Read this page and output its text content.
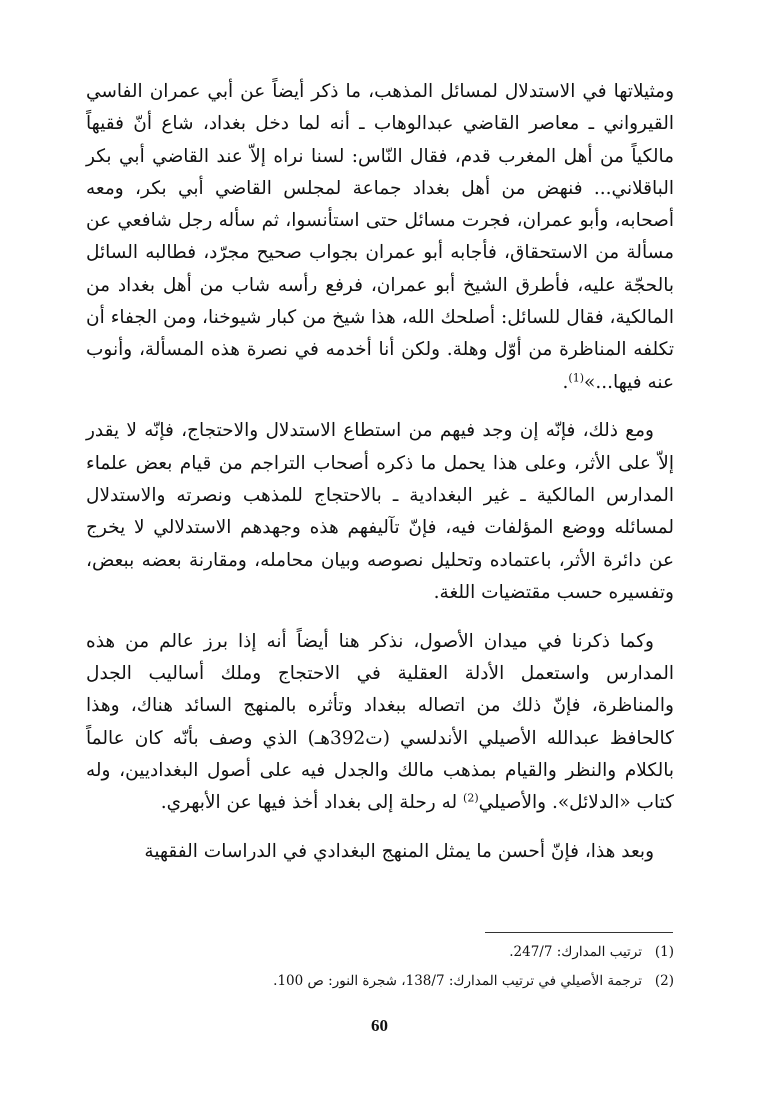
ومثيلاتها في الاستدلال لمسائل المذهب، ما ذكر أيضاً عن أبي عمران الفاسي القيرواني ـ معاصر القاضي عبدالوهاب ـ أنه لما دخل بغداد، شاع أنّ فقيهاً مالكياً من أهل المغرب قدم، فقال النّاس: لسنا نراه إلاّ عند القاضي أبي بكر الباقلاني... فنهض من أهل بغداد جماعة لمجلس القاضي أبي بكر، ومعه أصحابه، وأبو عمران، فجرت مسائل حتى استأنسوا، ثم سأله رجل شافعي عن مسألة من الاستحقاق، فأجابه أبو عمران بجواب صحيح مجرّد، فطالبه السائل بالحجّة عليه، فأطرق الشيخ أبو عمران، فرفع رأسه شاب من أهل بغداد من المالكية، فقال للسائل: أصلحك الله، هذا شيخ من كبار شيوخنا، ومن الجفاء أن تكلفه المناظرة من أوّل وهلة. ولكن أنا أخدمه في نصرة هذه المسألة، وأنوب عنه فيها...»$^{(1)}$.

ومع ذلك، فإنّه إن وجد فيهم من استطاع الاستدلال والاحتجاج، فإنّه لا يقدر إلاّ على الأثر، وعلى هذا يحمل ما ذكره أصحاب التراجم من قيام بعض علماء المدارس المالكية ـ غير البغدادية ـ بالاحتجاج للمذهب ونصرته والاستدلال لمسائله ووضع المؤلفات فيه، فإنّ تآليفهم هذه وجهدهم الاستدلالي لا يخرج عن دائرة الأثر، باعتماده وتحليل نصوصه وبيان محامله، ومقارنة بعضه ببعض، وتفسيره حسب مقتضيات اللغة.

وكما ذكرنا في ميدان الأصول، نذكر هنا أيضاً أنه إذا برز عالم من هذه المدارس واستعمل الأدلة العقلية في الاحتجاج وملك أساليب الجدل والمناظرة، فإنّ ذلك من اتصاله ببغداد وتأثره بالمنهج السائد هناك، وهذا كالحافظ عبدالله الأصيلي الأندلسي (ت392هـ) الذي وصف بأنّه كان عالماً بالكلام والنظر والقيام بمذهب مالك والجدل فيه على أصول البغداديين، وله كتاب «الدلائل». والأصيلي$^{(2)}$ له رحلة إلى بغداد أخذ فيها عن الأبهري.

وبعد هذا، فإنّ أحسن ما يمثل المنهج البغدادي في الدراسات الفقهية

(1)
ترتيب المدارك: 247/7.
(2)
ترجمة الأصيلي في ترتيب المدارك: 138/7، شجرة النور: ص 100.
60
